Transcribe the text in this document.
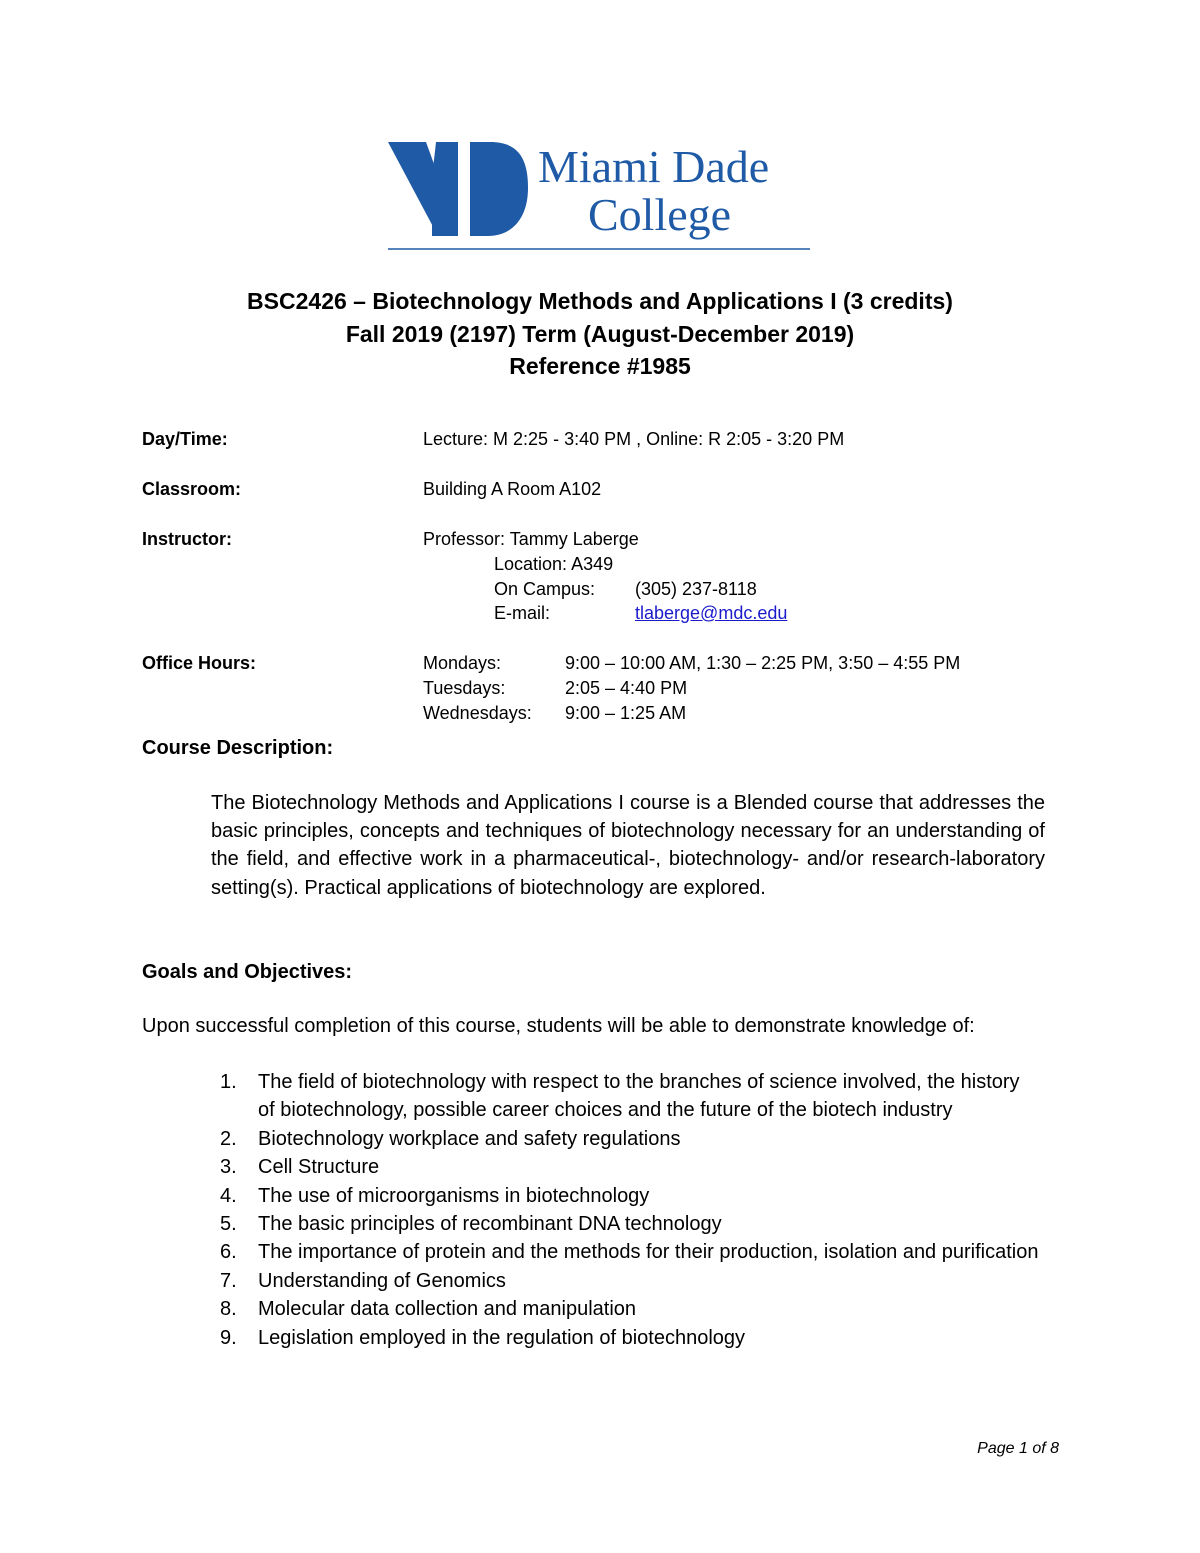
Miami Dade
College
BSC2426 – Biotechnology Methods and Applications I (3 credits)
Fall 2019 (2197) Term (August-December 2019)
Reference #1985
Day/Time:	Lecture: M 2:25 - 3:40 PM , Online: R 2:05 - 3:20 PM
Classroom:	Building A Room A102
Instructor:	Professor: Tammy Laberge
Location: A349
On Campus: (305) 237-8118
E-mail:	tlaberge@mdc.edu
Office Hours:	Mondays:	9:00 – 10:00 AM, 1:30 – 2:25 PM, 3:50 – 4:55 PM
Tuesdays:	2:05 – 4:40 PM
Wednesdays: 9:00 – 1:25 AM
Course Description:

The Biotechnology Methods and Applications I course is a Blended course that addresses the basic principles, concepts and techniques of biotechnology necessary for an understanding of the field, and effective work in a pharmaceutical-, biotechnology- and/or research-laboratory setting(s). Practical applications of biotechnology are explored.

Goals and Objectives:

Upon successful completion of this course, students will be able to demonstrate knowledge of:

1. The field of biotechnology with respect to the branches of science involved, the history of biotechnology, possible career choices and the future of the biotech industry
2. Biotechnology workplace and safety regulations
3. Cell Structure
4. The use of microorganisms in biotechnology
5. The basic principles of recombinant DNA technology
6. The importance of protein and the methods for their production, isolation and purification
7. Understanding of Genomics
8. Molecular data collection and manipulation
9. Legislation employed in the regulation of biotechnology
Page 1 of 8
